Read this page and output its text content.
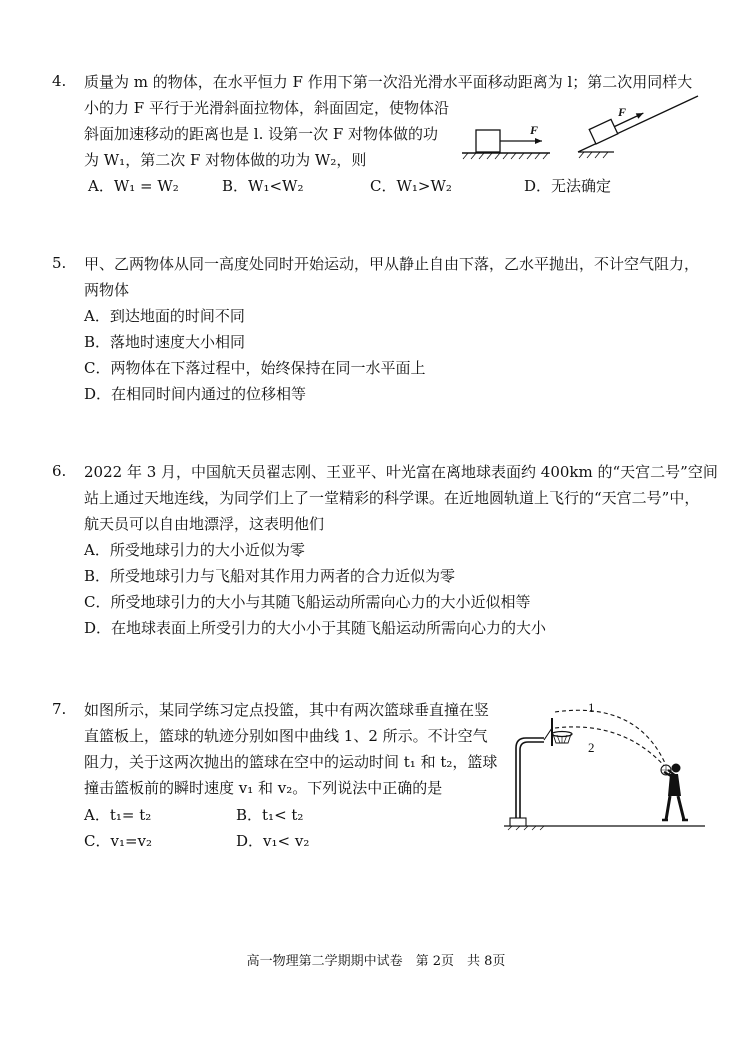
4. 质量为 m 的物体，在水平恒力 F 作用下第一次沿光滑水平面移动距离为 l；第二次用同样大
小的力 F 平行于光滑斜面拉物体，斜面固定，使物体沿
斜面加速移动的距离也是 l. 设第一次 F 对物体做的功
为 W₁，第二次 F 对物体做的功为 W₂，则
A．W₁ = W₂	B．W₁<W₂	C．W₁>W₂	D．无法确定
F
F
5. 甲、乙两物体从同一高度处同时开始运动，甲从静止自由下落，乙水平抛出，不计空气阻力，
两物体
A．到达地面的时间不同
B．落地时速度大小相同
C．两物体在下落过程中，始终保持在同一水平面上
D．在相同时间内通过的位移相等
6. 2022 年 3 月，中国航天员翟志刚、王亚平、叶光富在离地球表面约 400km 的“天宫二号”空间
站上通过天地连线，为同学们上了一堂精彩的科学课。在近地圆轨道上飞行的“天宫二号”中，
航天员可以自由地漂浮，这表明他们
A．所受地球引力的大小近似为零
B．所受地球引力与飞船对其作用力两者的合力近似为零
C．所受地球引力的大小与其随飞船运动所需向心力的大小近似相等
D．在地球表面上所受引力的大小小于其随飞船运动所需向心力的大小
7. 如图所示，某同学练习定点投篮，其中有两次篮球垂直撞在竖
直篮板上，篮球的轨迹分别如图中曲线 1、2 所示。不计空气
阻力，关于这两次抛出的篮球在空中的运动时间 t₁ 和 t₂，篮球
撞击篮板前的瞬时速度 v₁ 和 v₂。下列说法中正确的是
A．t₁= t₂	B．t₁< t₂
C．v₁=v₂	D．v₁< v₂
1
2
高一物理第二学期期中试卷　第 2页　共 8页
